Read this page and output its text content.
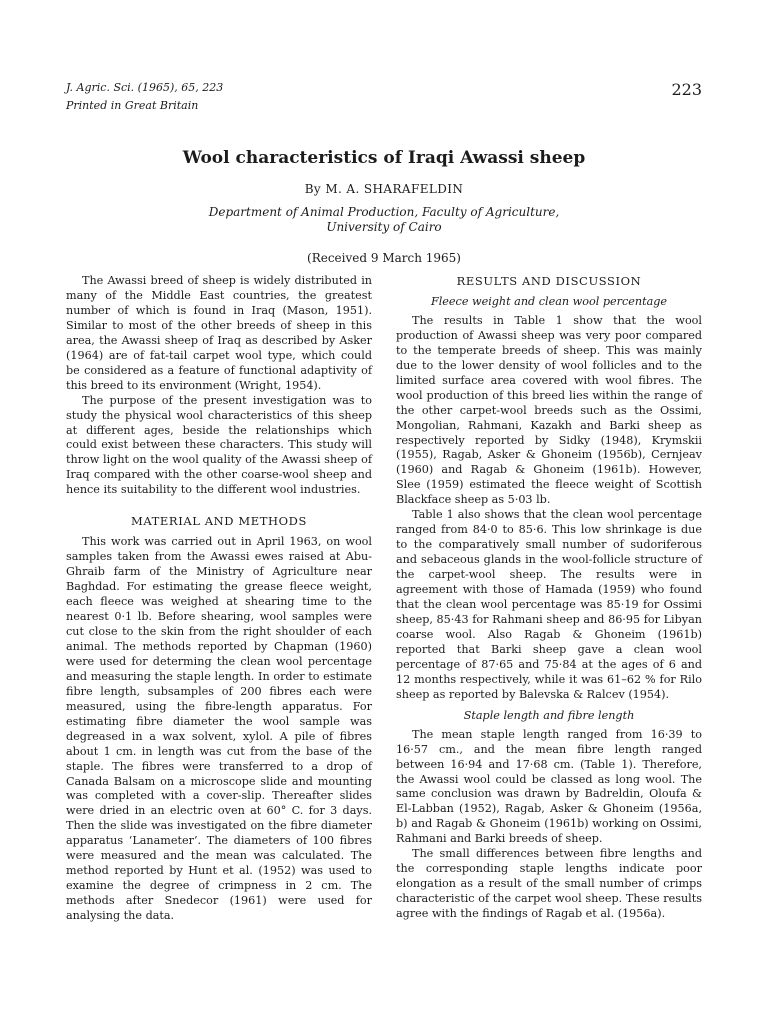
J. Agric. Sci. (1965), 65, 223
Printed in Great Britain
223
Wool characteristics of Iraqi Awassi sheep
By M. A. SHARAFELDIN
Department of Animal Production, Faculty of Agriculture,
University of Cairo
(Received 9 March 1965)

The Awassi breed of sheep is widely distributed in many of the Middle East countries, the greatest number of which is found in Iraq (Mason, 1951). Similar to most of the other breeds of sheep in this area, the Awassi sheep of Iraq as described by Asker (1964) are of fat-tail carpet wool type, which could be considered as a feature of functional adaptivity of this breed to its environment (Wright, 1954).

The purpose of the present investigation was to study the physical wool characteristics of this sheep at different ages, beside the relationships which could exist between these characters. This study will throw light on the wool quality of the Awassi sheep of Iraq compared with the other coarse-wool sheep and hence its suitability to the different wool industries.

MATERIAL AND METHODS

This work was carried out in April 1963, on wool samples taken from the Awassi ewes raised at Abu-Ghraib farm of the Ministry of Agriculture near Baghdad. For estimating the grease fleece weight, each fleece was weighed at shearing time to the nearest 0·1 lb. Before shearing, wool samples were cut close to the skin from the right shoulder of each animal. The methods reported by Chapman (1960) were used for determing the clean wool percentage and measuring the staple length. In order to estimate fibre length, subsamples of 200 fibres each were measured, using the fibre-length apparatus. For estimating fibre diameter the wool sample was degreased in a wax solvent, xylol. A pile of fibres about 1 cm. in length was cut from the base of the staple. The fibres were transferred to a drop of Canada Balsam on a microscope slide and mounting was completed with a cover-slip. Thereafter slides were dried in an electric oven at 60° C. for 3 days. Then the slide was investigated on the fibre diameter apparatus ‘Lanameter’. The diameters of 100 fibres were measured and the mean was calculated. The method reported by Hunt et al. (1952) was used to examine the degree of crimpness in 2 cm. The methods after Snedecor (1961) were used for analysing the data.

RESULTS AND DISCUSSION
Fleece weight and clean wool percentage

The results in Table 1 show that the wool production of Awassi sheep was very poor compared to the temperate breeds of sheep. This was mainly due to the lower density of wool follicles and to the limited surface area covered with wool fibres. The wool production of this breed lies within the range of the other carpet-wool breeds such as the Ossimi, Mongolian, Rahmani, Kazakh and Barki sheep as respectively reported by Sidky (1948), Krymskii (1955), Ragab, Asker & Ghoneim (1956b), Cernjeav (1960) and Ragab & Ghoneim (1961b). However, Slee (1959) estimated the fleece weight of Scottish Blackface sheep as 5·03 lb.

Table 1 also shows that the clean wool percentage ranged from 84·0 to 85·6. This low shrinkage is due to the comparatively small number of sudoriferous and sebaceous glands in the wool-follicle structure of the carpet-wool sheep. The results were in agreement with those of Hamada (1959) who found that the clean wool percentage was 85·19 for Ossimi sheep, 85·43 for Rahmani sheep and 86·95 for Libyan coarse wool. Also Ragab & Ghoneim (1961b) reported that Barki sheep gave a clean wool percentage of 87·65 and 75·84 at the ages of 6 and 12 months respectively, while it was 61–62 % for Rilo sheep as reported by Balevska & Ralcev (1954).

Staple length and fibre length

The mean staple length ranged from 16·39 to 16·57 cm., and the mean fibre length ranged between 16·94 and 17·68 cm. (Table 1). Therefore, the Awassi wool could be classed as long wool. The same conclusion was drawn by Badreldin, Oloufa & El-Labban (1952), Ragab, Asker & Ghoneim (1956a, b) and Ragab & Ghoneim (1961b) working on Ossimi, Rahmani and Barki breeds of sheep.

The small differences between fibre lengths and the corresponding staple lengths indicate poor elongation as a result of the small number of crimps characteristic of the carpet wool sheep. These results agree with the findings of Ragab et al. (1956a).
